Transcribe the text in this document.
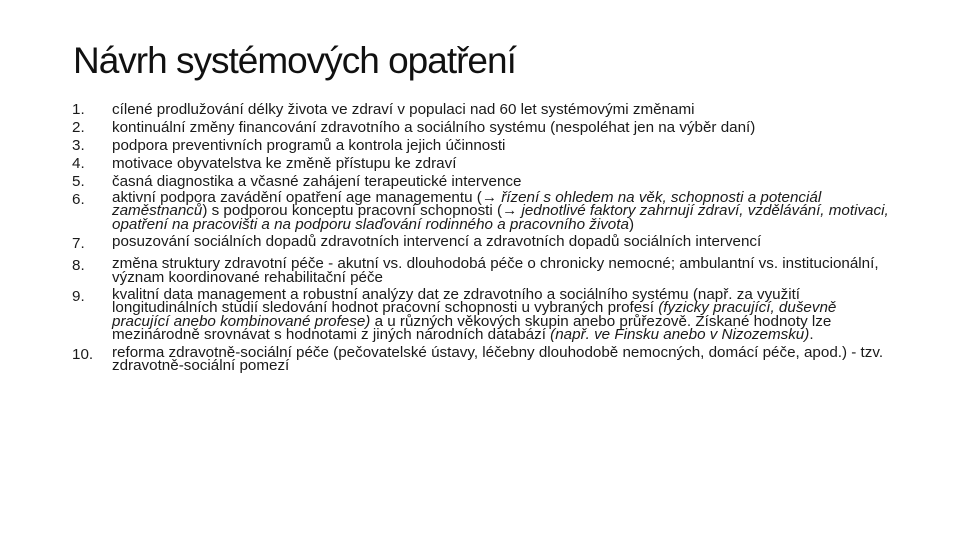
Návrh systémových opatření
1.	cílené prodlužování délky života ve zdraví v populaci nad 60 let systémovými změnami
2.	kontinuální změny financování zdravotního a sociálního systému (nespoléhat jen na výběr daní)
3.	podpora preventivních programů a kontrola jejich účinnosti
4.	motivace obyvatelstva ke změně přístupu ke zdraví
5.	časná diagnostika a včasné zahájení terapeutické intervence
6.	aktivní podpora zavádění opatření age managementu (→ řízení s ohledem na věk, schopnosti a potenciál zaměstnanců) s podporou konceptu pracovní schopnosti (→ jednotlivé faktory zahrnují zdraví, vzdělávání, motivaci, opatření na pracovišti a na podporu slaďování rodinného a pracovního života)
7.	posuzování sociálních dopadů zdravotních intervencí a zdravotních dopadů sociálních intervencí
8.	změna struktury zdravotní péče - akutní vs. dlouhodobá péče o chronicky nemocné; ambulantní vs. institucionální, význam koordinované rehabilitační péče
9.	kvalitní data management a robustní analýzy dat ze zdravotního a sociálního systému (např. za využití longitudinálních studií sledování hodnot pracovní schopnosti u vybraných profesí (fyzicky pracující, duševně pracující anebo kombinované profese) a u různých věkových skupin anebo průřezově. Získané hodnoty lze mezinárodně srovnávat s hodnotami z jiných národních databází (např. ve Finsku anebo v Nizozemsku).
10.	reforma zdravotně-sociální péče (pečovatelské ústavy, léčebny dlouhodobě nemocných, domácí péče, apod.) - tzv. zdravotně-sociální pomezí
